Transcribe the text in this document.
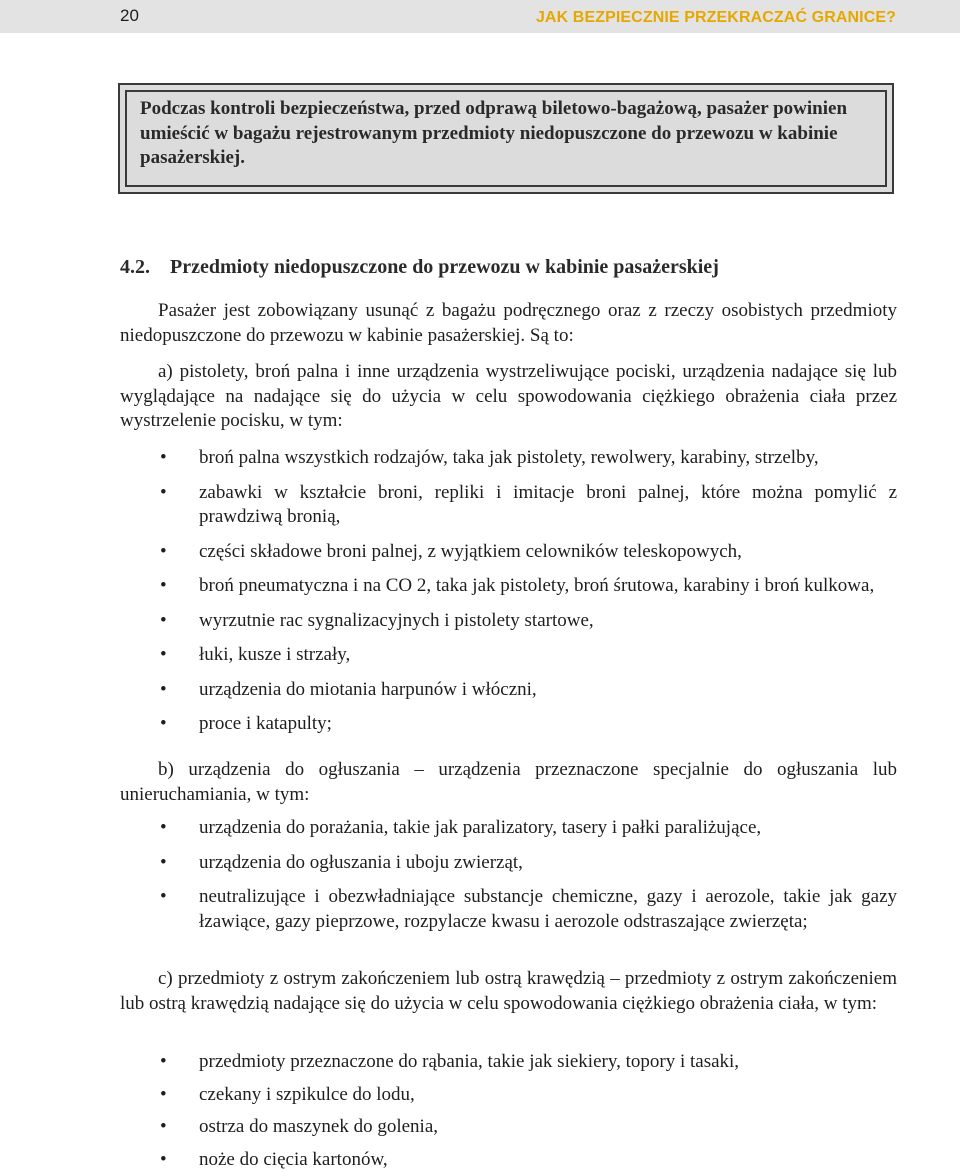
20	JAK BEZPIECZNIE PRZEKRACZAĆ GRANICE?
Podczas kontroli bezpieczeństwa, przed odprawą biletowo-bagażową, pasażer powinien umieścić w bagażu rejestrowanym przedmioty niedopuszczone do przewozu w kabinie pasażerskiej.
4.2. Przedmioty niedopuszczone do przewozu w kabinie pasażerskiej
Pasażer jest zobowiązany usunąć z bagażu podręcznego oraz z rzeczy osobistych przedmioty niedopuszczone do przewozu w kabinie pasażerskiej. Są to:
a) pistolety, broń palna i inne urządzenia wystrzeliwujące pociski, urządzenia nadające się lub wyglądające na nadające się do użycia w celu spowodowania ciężkiego obrażenia ciała przez wystrzelenie pocisku, w tym:
• broń palna wszystkich rodzajów, taka jak pistolety, rewolwery, karabiny, strzelby,
• zabawki w kształcie broni, repliki i imitacje broni palnej, które można pomylić z prawdziwą bronią,
• części składowe broni palnej, z wyjątkiem celowników teleskopowych,
• broń pneumatyczna i na CO 2, taka jak pistolety, broń śrutowa, karabiny i broń kulkowa,
• wyrzutnie rac sygnalizacyjnych i pistolety startowe,
• łuki, kusze i strzały,
• urządzenia do miotania harpunów i włóczni,
• proce i katapulty;
b) urządzenia do ogłuszania – urządzenia przeznaczone specjalnie do ogłuszania lub unieruchamiania, w tym:
• urządzenia do porażania, takie jak paralizatory, tasery i pałki paraliżujące,
• urządzenia do ogłuszania i uboju zwierząt,
• neutralizujące i obezwładniające substancje chemiczne, gazy i aerozole, takie jak gazy łzawiące, gazy pieprzowe, rozpylacze kwasu i aerozole odstraszające zwierzęta;
c) przedmioty z ostrym zakończeniem lub ostrą krawędzią – przedmioty z ostrym zakończeniem lub ostrą krawędzią nadające się do użycia w celu spowodowania ciężkiego obrażenia ciała, w tym:
• przedmioty przeznaczone do rąbania, takie jak siekiery, topory i tasaki,
• czekany i szpikulce do lodu,
• ostrza do maszynek do golenia,
• noże do cięcia kartonów,
